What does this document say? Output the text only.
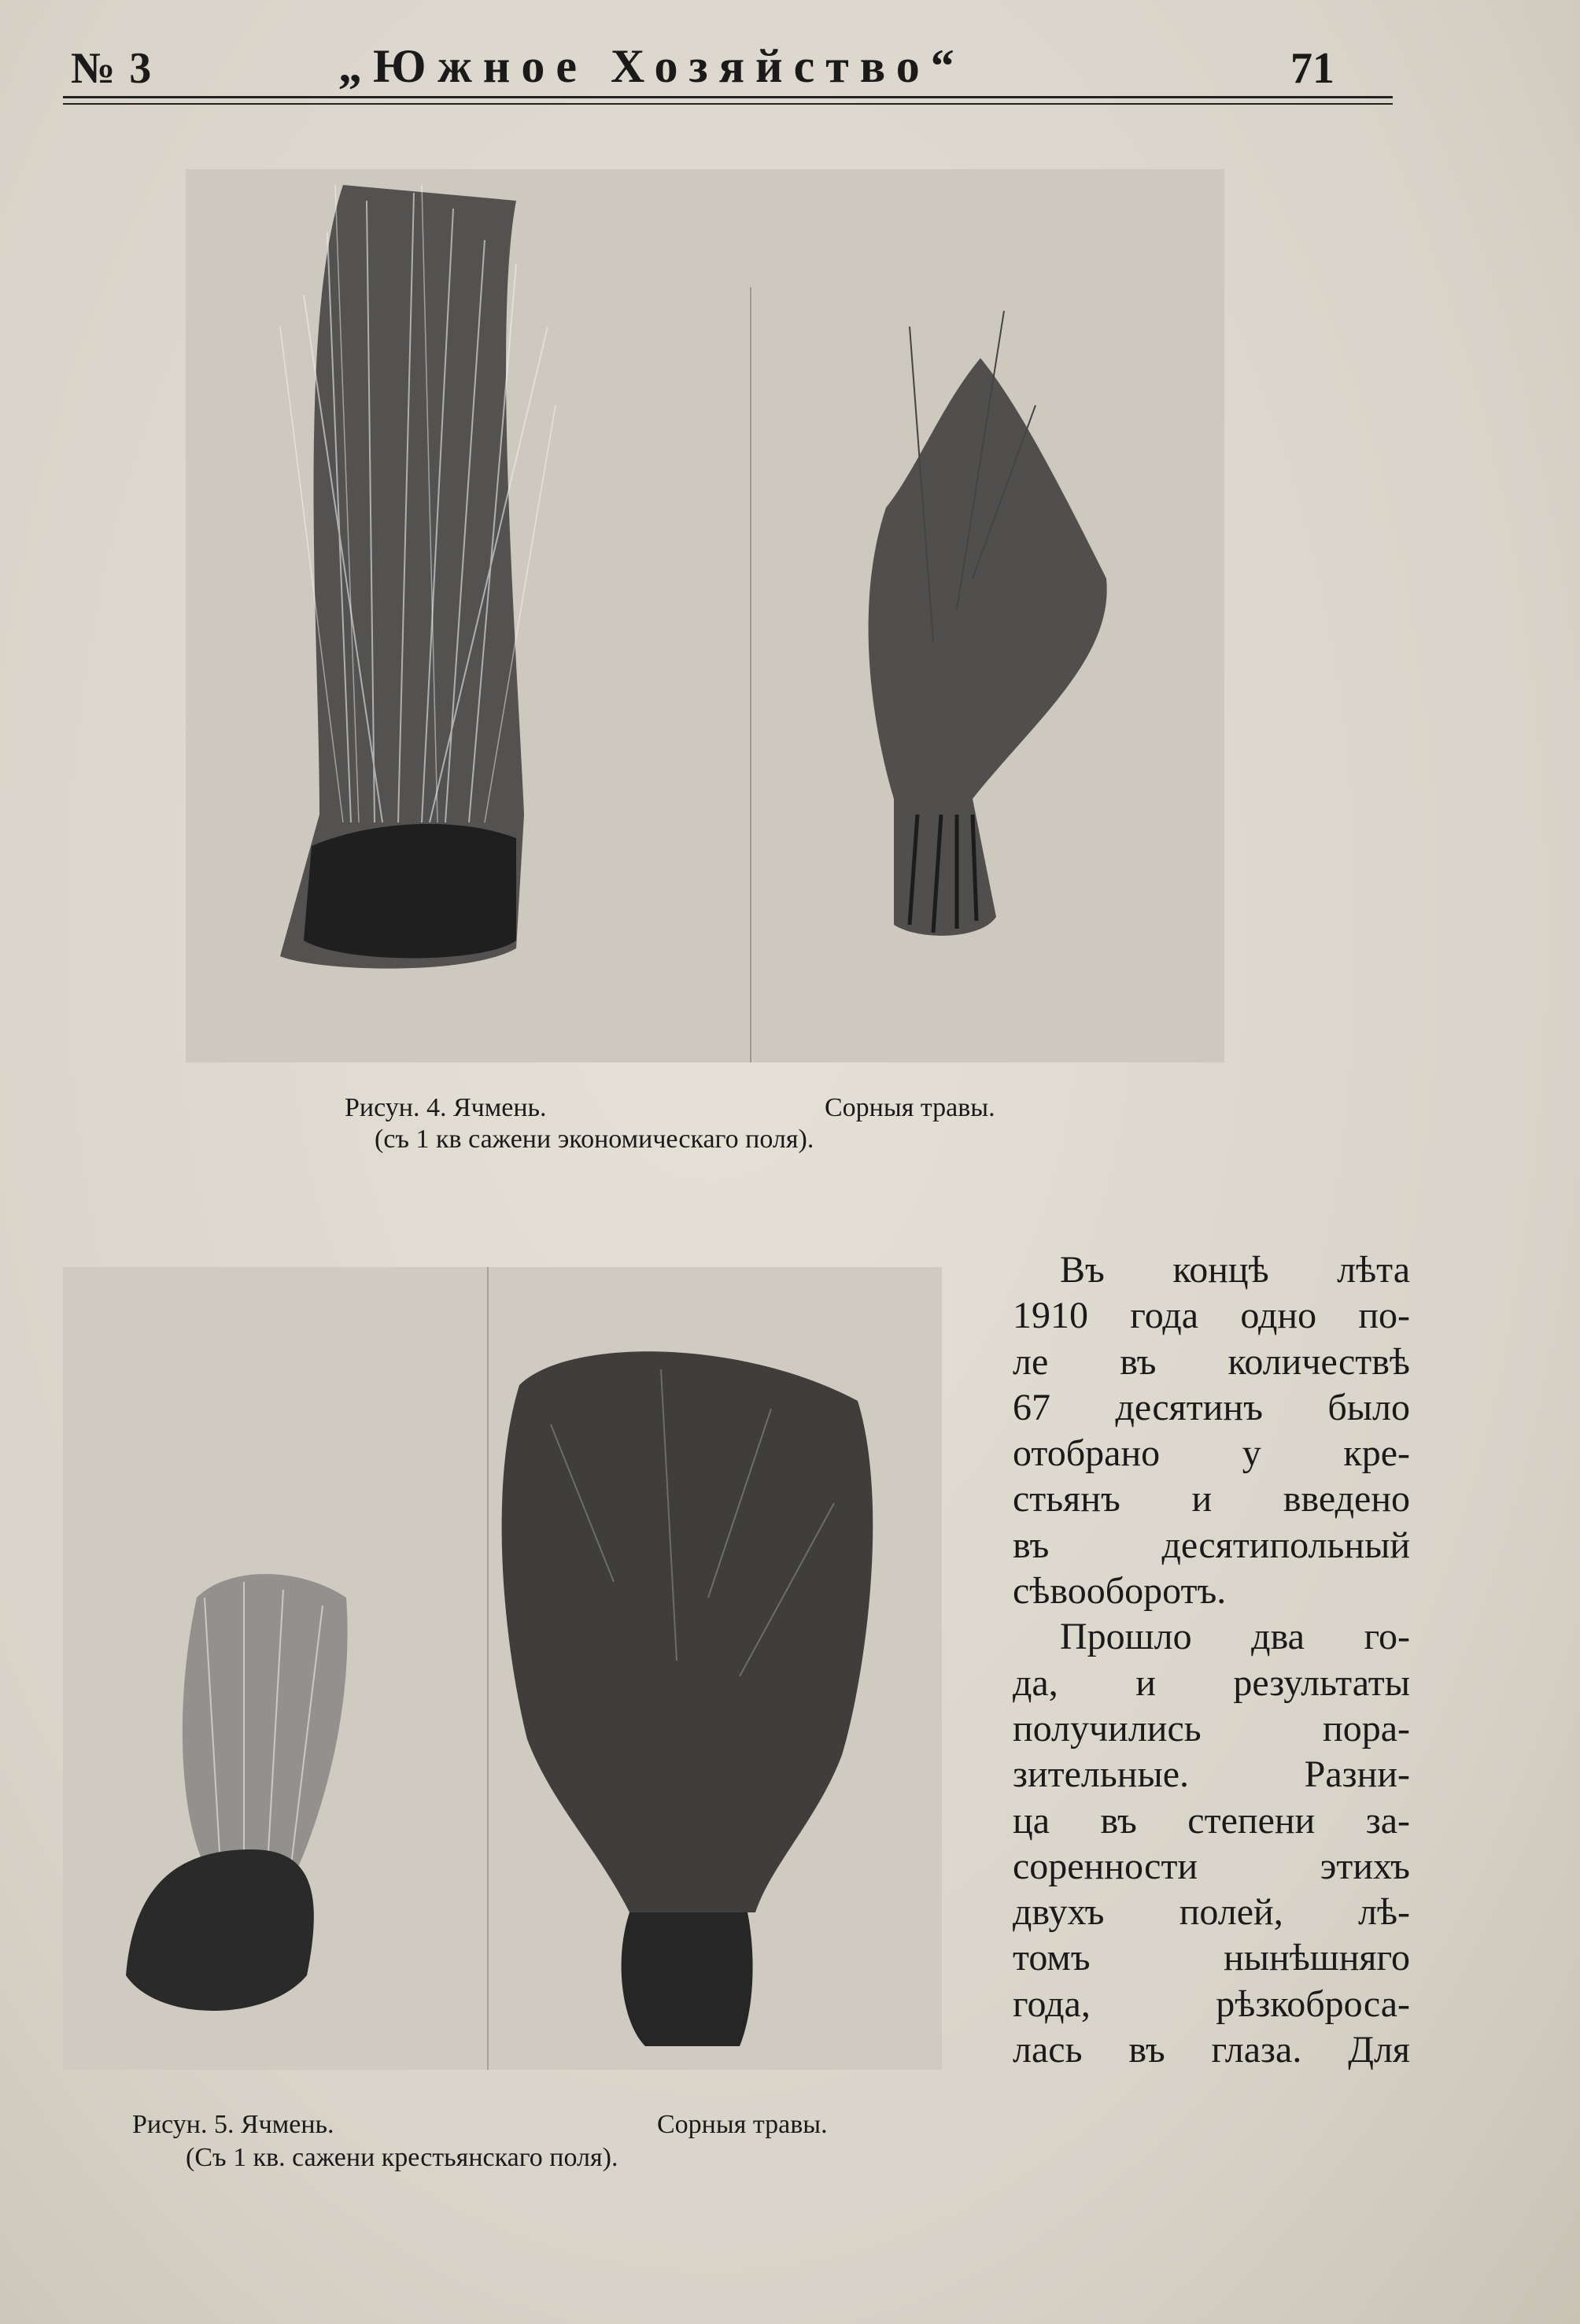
№ 3	„Южное Хозяйство“	71
Рисун. 4. Ячмень.	Сорныя травы.
(съ 1 кв сажени экономическаго поля).
Рисун. 5. Ячмень.	Сорныя травы.
(Съ 1 кв. сажени крестьянскаго поля).
Въ концѣ лѣта
1910 года одно по-
ле въ количествѣ
67 десятинъ было
отобрано у кре-
стьянъ и введено
въ десятипольный
сѣвооборотъ.
Прошло два го-
да, и результаты
получились пора-
зительные. Разни-
ца въ степени за-
соренности этихъ
двухъ полей, лѣ-
томъ нынѣшняго
года, рѣзкоброса-
лась въ глаза. Для
